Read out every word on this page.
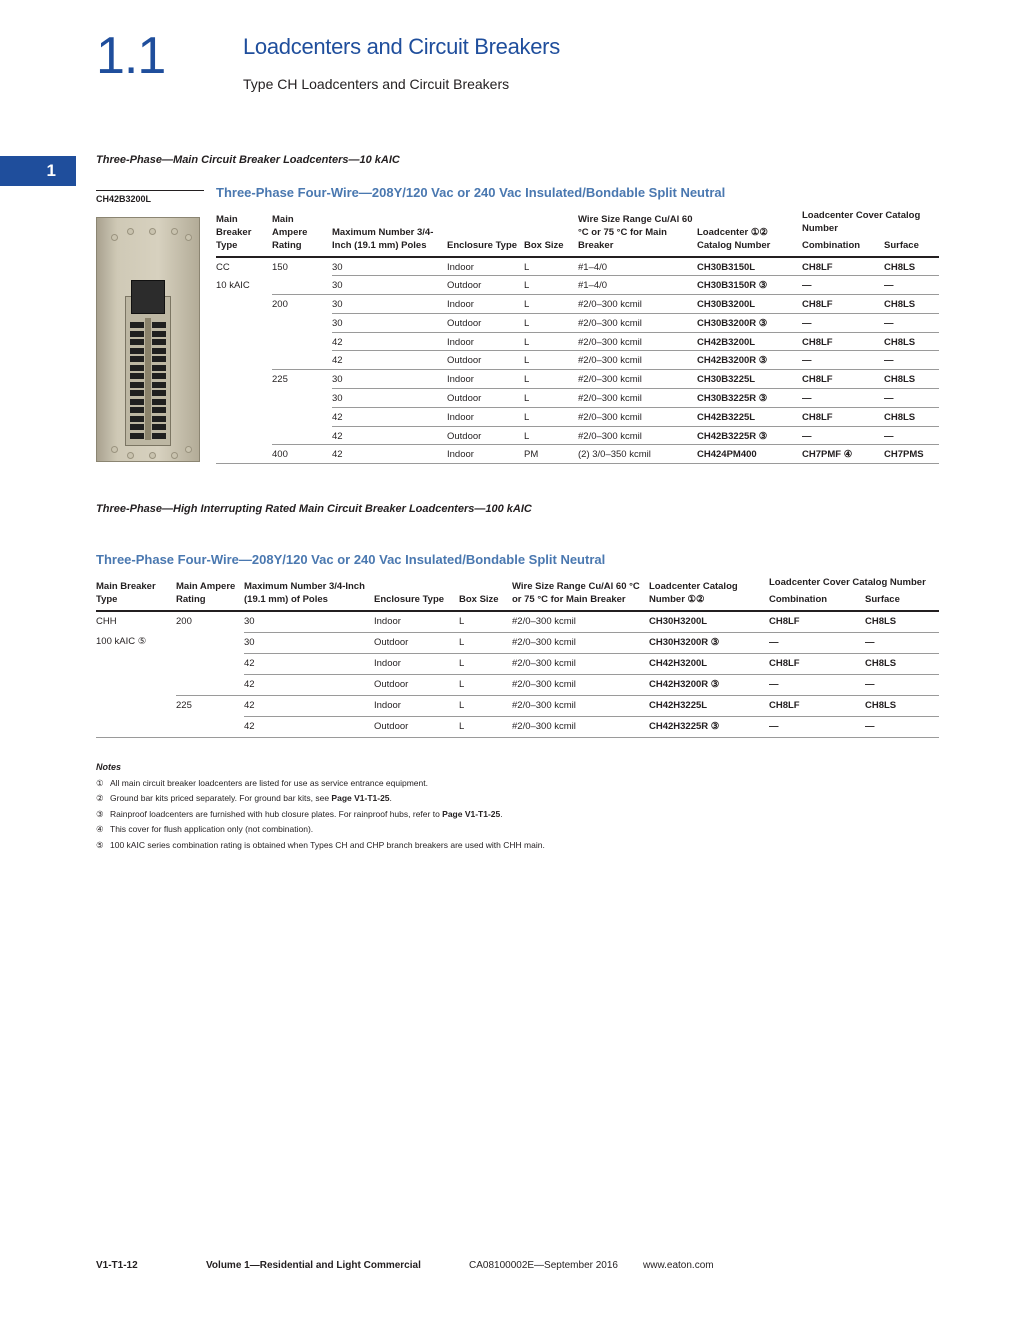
1.1	Loadcenters and Circuit Breakers
Type CH Loadcenters and Circuit Breakers
1
Three-Phase—Main Circuit Breaker Loadcenters—10 kAIC
CH42B3200L	Three-Phase Four-Wire—208Y/120 Vac or 240 Vac Insulated/Bondable Split Neutral
Main Breaker Type	Main Ampere Rating	Maximum Number 3/4-Inch (19.1 mm) Poles	Enclosure Type	Box Size	Wire Size Range Cu/Al 60 °C or 75 °C for Main Breaker	Loadcenter ①② Catalog Number	Loadcenter Cover Catalog Number	
							Combination	Surface
CC	150	30	Indoor	L	#1–4/0	CH30B3150L	CH8LF	CH8LS
10 kAIC		30	Outdoor	L	#1–4/0	CH30B3150R ③	—	—
	200	30	Indoor	L	#2/0–300 kcmil	CH30B3200L	CH8LF	CH8LS
		30	Outdoor	L	#2/0–300 kcmil	CH30B3200R ③	—	—
		42	Indoor	L	#2/0–300 kcmil	CH42B3200L	CH8LF	CH8LS
		42	Outdoor	L	#2/0–300 kcmil	CH42B3200R ③	—	—
	225	30	Indoor	L	#2/0–300 kcmil	CH30B3225L	CH8LF	CH8LS
		30	Outdoor	L	#2/0–300 kcmil	CH30B3225R ③	—	—
		42	Indoor	L	#2/0–300 kcmil	CH42B3225L	CH8LF	CH8LS
		42	Outdoor	L	#2/0–300 kcmil	CH42B3225R ③	—	—
	400	42	Indoor	PM	(2) 3/0–350 kcmil	CH424PM400	CH7PMF ④	CH7PMS
Three-Phase—High Interrupting Rated Main Circuit Breaker Loadcenters—100 kAIC
Three-Phase Four-Wire—208Y/120 Vac or 240 Vac Insulated/Bondable Split Neutral
Main Breaker Type	Main Ampere Rating	Maximum Number 3/4-Inch (19.1 mm) of Poles	Enclosure Type	Box Size	Wire Size Range Cu/Al 60 °C or 75 °C for Main Breaker	Loadcenter Catalog Number ①②	Loadcenter Cover Catalog Number	
							Combination	Surface
CHH	200	30	Indoor	L	#2/0–300 kcmil	CH30H3200L	CH8LF	CH8LS
100 kAIC ⑤		30	Outdoor	L	#2/0–300 kcmil	CH30H3200R ③	—	—
		42	Indoor	L	#2/0–300 kcmil	CH42H3200L	CH8LF	CH8LS
		42	Outdoor	L	#2/0–300 kcmil	CH42H3200R ③	—	—
	225	42	Indoor	L	#2/0–300 kcmil	CH42H3225L	CH8LF	CH8LS
		42	Outdoor	L	#2/0–300 kcmil	CH42H3225R ③	—	—
Notes
① All main circuit breaker loadcenters are listed for use as service entrance equipment.
② Ground bar kits priced separately. For ground bar kits, see Page V1-T1-25.
③ Rainproof loadcenters are furnished with hub closure plates. For rainproof hubs, refer to Page V1-T1-25.
④ This cover for flush application only (not combination).
⑤ 100 kAIC series combination rating is obtained when Types CH and CHP branch breakers are used with CHH main.
V1-T1-12	Volume 1—Residential and Light Commercial	CA08100002E—September 2016	www.eaton.com
